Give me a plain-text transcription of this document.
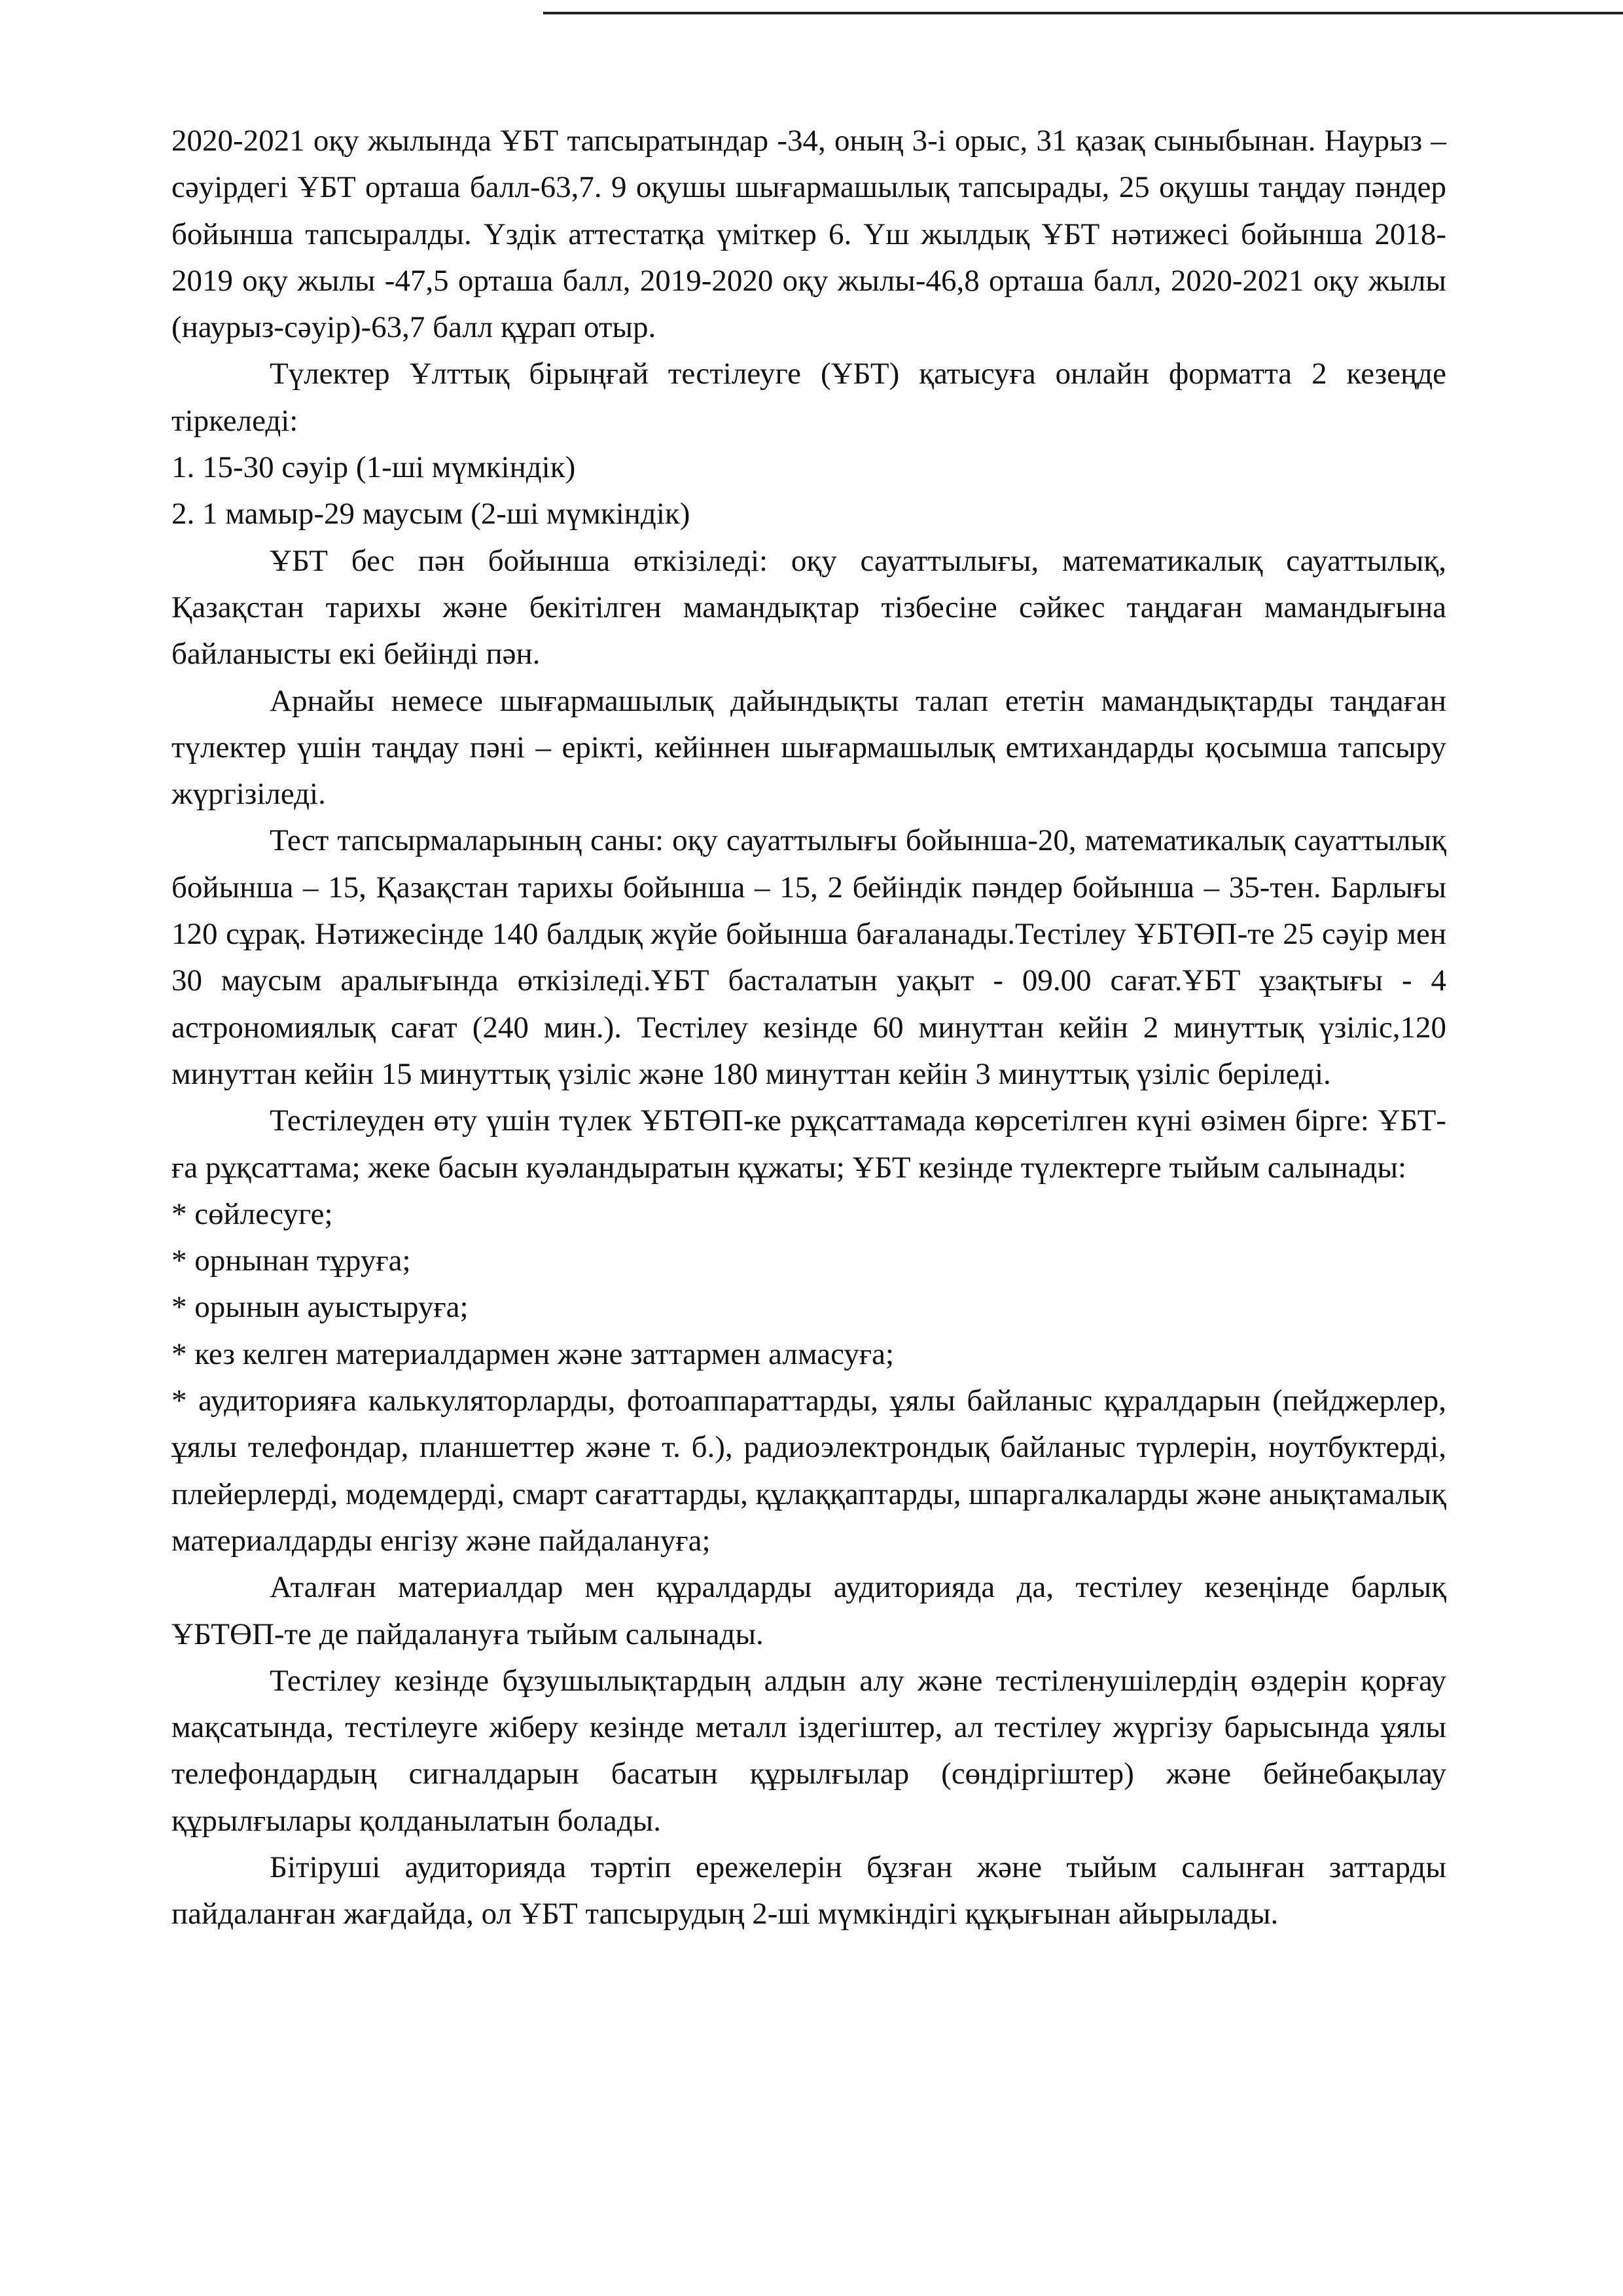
2020-2021 оқу жылында ҰБТ тапсыратындар -34, оның 3-і орыс, 31 қазақ сыныбынан. Наурыз – сәуірдегі ҰБТ орташа балл-63,7. 9 оқушы шығармашылық тапсырады, 25 оқушы таңдау пәндер бойынша тапсыралды. Үздік аттестатқа үміткер 6. Үш жылдық ҰБТ нәтижесі бойынша 2018-2019 оқу жылы -47,5 орташа балл, 2019-2020 оқу жылы-46,8 орташа балл, 2020-2021 оқу жылы (наурыз-сәуір)-63,7 балл құрап отыр.

Түлектер Ұлттық бірыңғай тестілеуге (ҰБТ) қатысуға онлайн форматта 2 кезеңде тіркеледі:

1. 15-30 сәуір (1-ші мүмкіндік)

2. 1 мамыр-29 маусым (2-ші мүмкіндік)

ҰБТ бес пән бойынша өткізіледі: оқу сауаттылығы, математикалық сауаттылық, Қазақстан тарихы және бекітілген мамандықтар тізбесіне сәйкес таңдаған мамандығына байланысты екі бейінді пән.

Арнайы немесе шығармашылық дайындықты талап ететін мамандықтарды таңдаған түлектер үшін таңдау пәні – ерікті, кейіннен шығармашылық емтихандарды қосымша тапсыру жүргізіледі.

Тест тапсырмаларының саны: оқу сауаттылығы бойынша-20, математикалық сауаттылық бойынша – 15, Қазақстан тарихы бойынша – 15, 2 бейіндік пәндер бойынша – 35-тен. Барлығы 120 сұрақ. Нәтижесінде 140 балдық жүйе бойынша бағаланады.Тестілеу ҰБТӨП-те 25 сәуір мен 30 маусым аралығында өткізіледі.ҰБТ басталатын уақыт - 09.00 сағат.ҰБТ ұзақтығы - 4 астрономиялық сағат (240 мин.). Тестілеу кезінде 60 минуттан кейін 2 минуттық үзіліс,120 минуттан кейін 15 минуттық үзіліс және 180 минуттан кейін 3 минуттық үзіліс беріледі.

Тестілеуден өту үшін түлек ҰБТӨП-ке рұқсаттамада көрсетілген күні өзімен бірге: ҰБТ-ға рұқсаттама; жеке басын куәландыратын құжаты; ҰБТ кезінде түлектерге тыйым салынады:

* сөйлесуге;

* орнынан тұруға;

* орынын ауыстыруға;

* кез келген материалдармен және заттармен алмасуға;

* аудиторияға калькуляторларды, фотоаппараттарды, ұялы байланыс құралдарын (пейджерлер, ұялы телефондар, планшеттер және т. б.), радиоэлектрондық байланыс түрлерін, ноутбуктерді, плейерлерді, модемдерді, смарт сағаттарды, құлаққаптарды, шпаргалкаларды және анықтамалық материалдарды енгізу және пайдалануға;

Аталған материалдар мен құралдарды аудиторияда да, тестілеу кезеңінде барлық ҰБТӨП-те де пайдалануға тыйым салынады.

Тестілеу кезінде бұзушылықтардың алдын алу және тестіленушілердің өздерін қорғау мақсатында, тестілеуге жіберу кезінде металл іздегіштер, ал тестілеу жүргізу барысында ұялы телефондардың сигналдарын басатын құрылғылар (сөндіргіштер) және бейнебақылау құрылғылары қолданылатын болады.

Бітіруші аудиторияда тәртіп ережелерін бұзған және тыйым салынған заттарды пайдаланған жағдайда, ол ҰБТ тапсырудың 2-ші мүмкіндігі құқығынан айырылады.
